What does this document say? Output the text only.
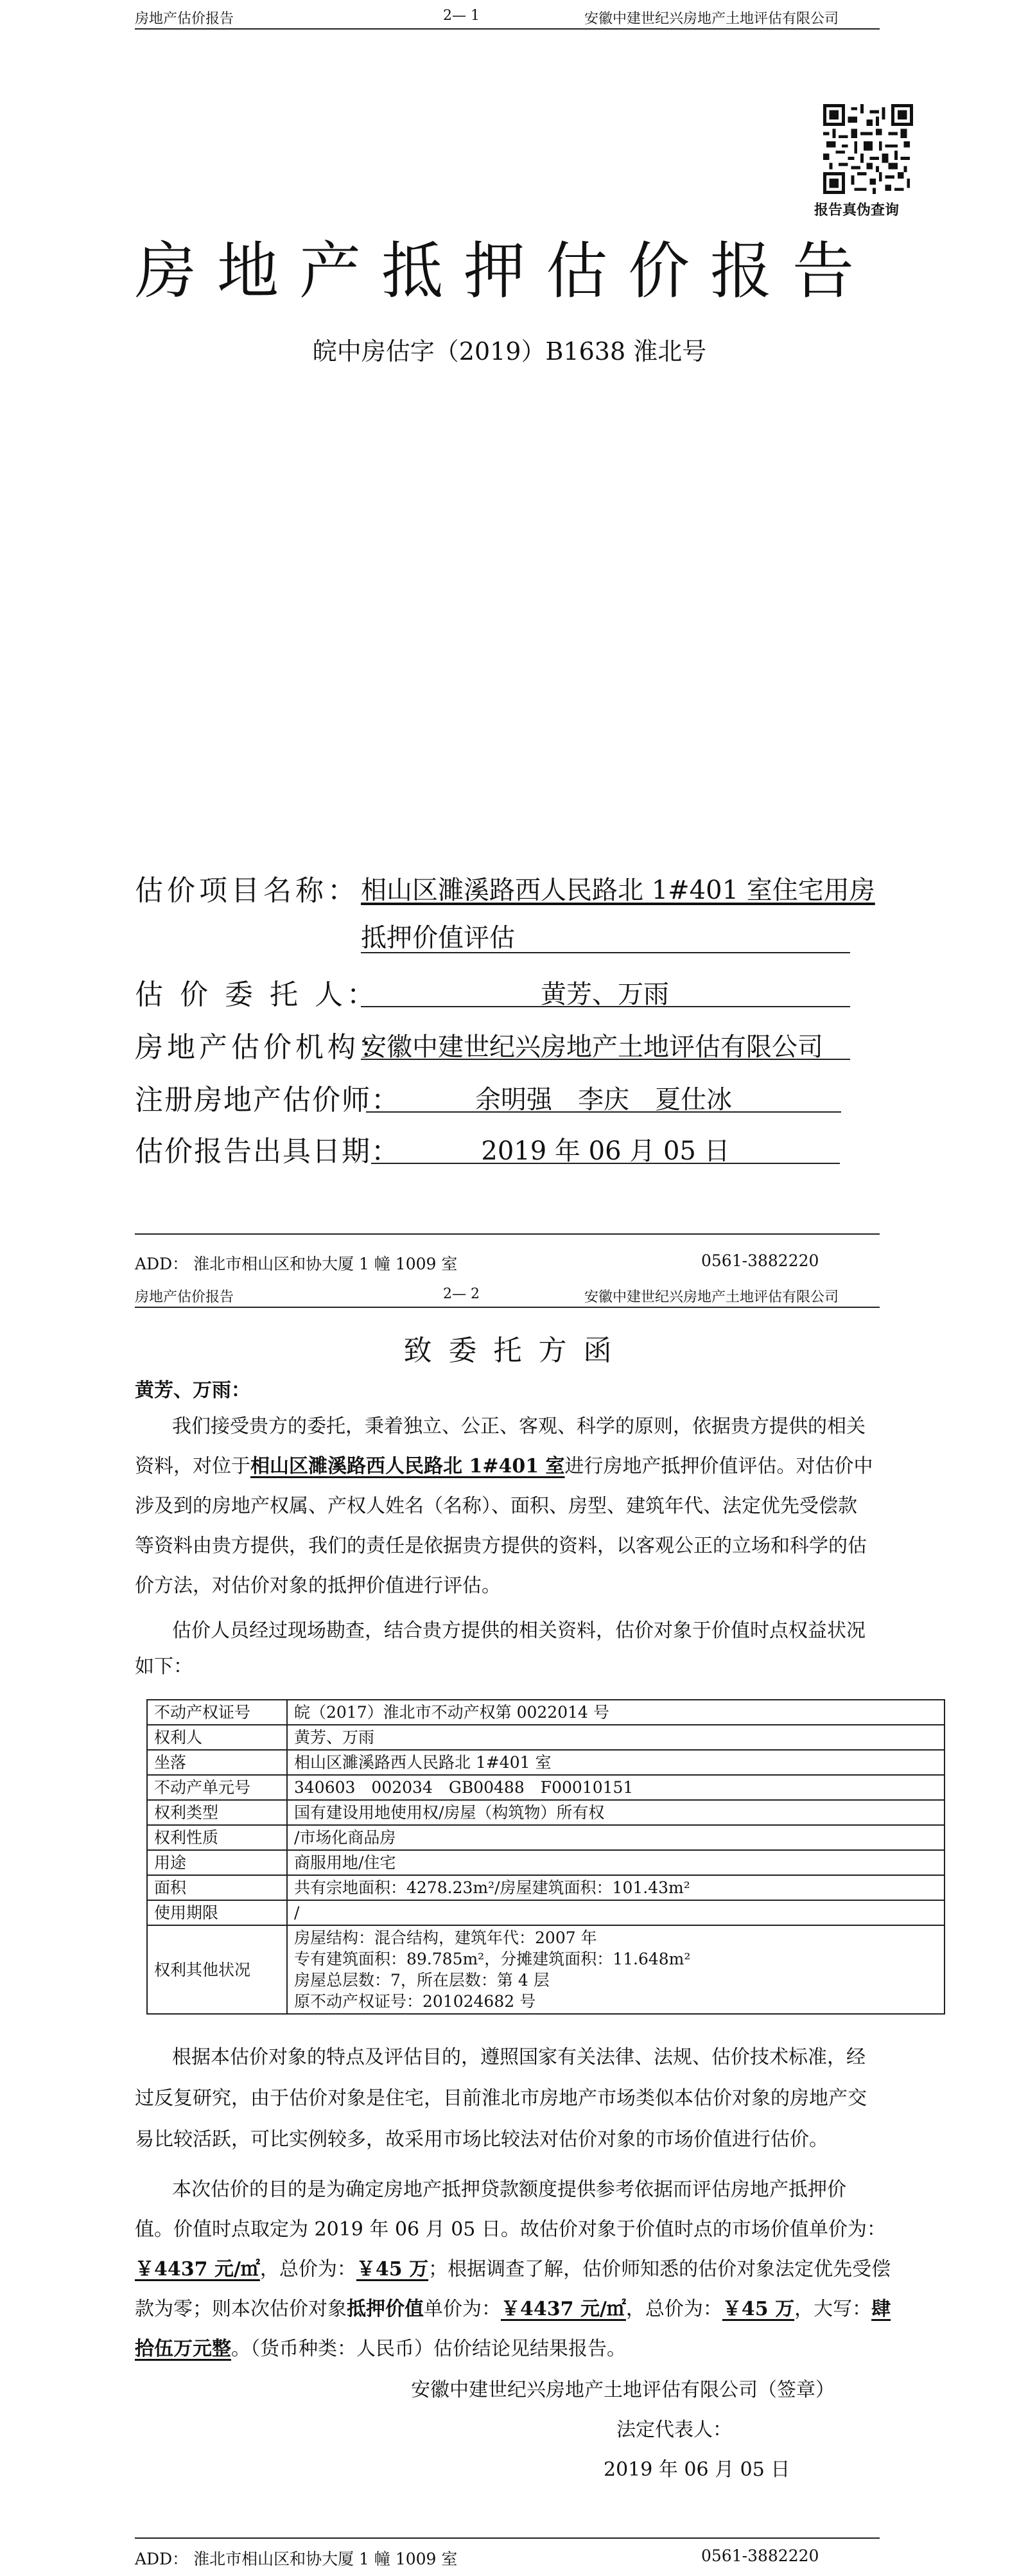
房地产估价报告	2— 1	安徽中建世纪兴房地产土地评估有限公司
报告真伪查询
房地产抵押估价报告
皖中房估字（2019）B1638 淮北号
估价项目名称： 相山区濉溪路西人民路北 1#401 室住宅用房
抵押价值评估
估 价 委 托 人：	黄芳、万雨
房地产估价机构：
安徽中建世纪兴房地产土地评估有限公司
注册房地产估价师：	余明强　李庆　夏仕冰
估价报告出具日期：	2019 年 06 月 05 日
ADD： 淮北市相山区和协大厦 1 幢 1009 室	0561-3882220
房地产估价报告	2— 2	安徽中建世纪兴房地产土地评估有限公司
致 委 托 方 函
黄芳、万雨：
我们接受贵方的委托，秉着独立、公正、客观、科学的原则，依据贵方提供的相关
资料，对位于相山区濉溪路西人民路北 1#401 室进行房地产抵押价值评估。对估价中
涉及到的房地产权属、产权人姓名（名称）、面积、房型、建筑年代、法定优先受偿款
等资料由贵方提供，我们的责任是依据贵方提供的资料，以客观公正的立场和科学的估
价方法，对估价对象的抵押价值进行评估。
估价人员经过现场勘查，结合贵方提供的相关资料，估价对象于价值时点权益状况
如下：
不动产权证号	皖（2017）淮北市不动产权第 0022014 号
权利人	黄芳、万雨
坐落	相山区濉溪路西人民路北 1#401 室
不动产单元号	340603　002034　GB00488　F00010151
权利类型	国有建设用地使用权/房屋（构筑物）所有权
权利性质	/市场化商品房
用途	商服用地/住宅
面积	共有宗地面积：4278.23m²/房屋建筑面积：101.43m²
使用期限	/
权利其他状况	房屋结构：混合结构，建筑年代：2007 年
专有建筑面积：89.785m²，分摊建筑面积：11.648m²
房屋总层数：7，所在层数：第 4 层
原不动产权证号：201024682 号
根据本估价对象的特点及评估目的，遵照国家有关法律、法规、估价技术标准，经
过反复研究，由于估价对象是住宅，目前淮北市房地产市场类似本估价对象的房地产交
易比较活跃，可比实例较多，故采用市场比较法对估价对象的市场价值进行估价。
本次估价的目的是为确定房地产抵押贷款额度提供参考依据而评估房地产抵押价
值。价值时点取定为 2019 年 06 月 05 日。故估价对象于价值时点的市场价值单价为：
￥4437 元/㎡，总价为：￥45 万；根据调查了解，估价师知悉的估价对象法定优先受偿
款为零；则本次估价对象抵押价值单价为：￥4437 元/㎡，总价为：￥45 万，大写：肆
拾伍万元整。（货币种类：人民币）估价结论见结果报告。
安徽中建世纪兴房地产土地评估有限公司（签章）
法定代表人：
2019 年 06 月 05 日
ADD： 淮北市相山区和协大厦 1 幢 1009 室	0561-3882220
